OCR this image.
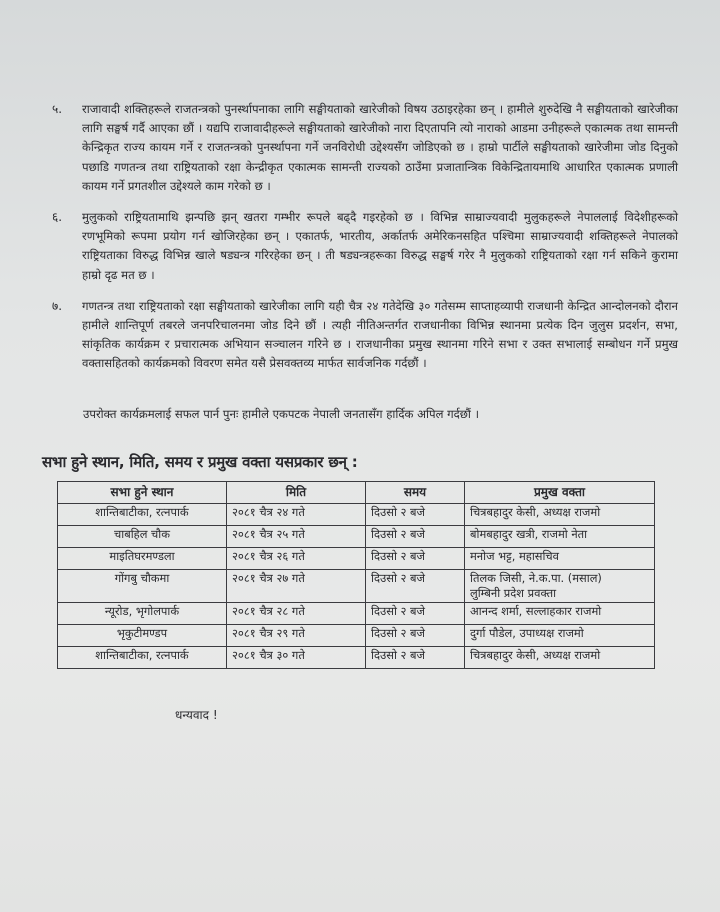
५.	राजावादी शक्तिहरूले राजतन्त्रको पुनर्स्थापनाका लागि सङ्घीयताको खारेजीको विषय उठाइरहेका छन् । हामीले शुरुदेखि नै सङ्घीयताको खारेजीका लागि सङ्घर्ष गर्दै आएका छौं । यद्यपि राजावादीहरूले सङ्घीयताको खारेजीको नारा दिएतापनि त्यो नाराको आडमा उनीहरूले एकात्मक तथा सामन्ती केन्द्रिकृत राज्य कायम गर्ने र राजतन्त्रको पुनर्स्थापना गर्ने जनविरोधी उद्देश्यसँग जोडिएको छ । हाम्रो पार्टीले सङ्घीयताको खारेजीमा जोड दिनुको पछाडि गणतन्त्र तथा राष्ट्रियताको रक्षा केन्द्रीकृत एकात्मक सामन्ती राज्यको ठाउँमा प्रजातान्त्रिक विकेन्द्रितायमाथि आधारित एकात्मक प्रणाली कायम गर्ने प्रगतशील उद्देश्यले काम गरेको छ ।
६.	मुलुकको राष्ट्रियतामाथि झन्पछि झन् खतरा गम्भीर रूपले बढ्दै गइरहेको छ । विभिन्न साम्राज्यवादी मुलुकहरूले नेपाललाई विदेशीहरूको रणभूमिको रूपमा प्रयोग गर्न खोजिरहेका छन् । एकातर्फ, भारतीय, अर्कातर्फ अमेरिकनसहित पश्चिमा साम्राज्यवादी शक्तिहरूले नेपालको राष्ट्रियताका विरुद्ध विभिन्न खाले षड्यन्त्र गरिरहेका छन् । ती षड्यन्त्रहरूका विरुद्ध सङ्घर्ष गरेर नै मुलुकको राष्ट्रियताको रक्षा गर्न सकिने कुरामा हाम्रो दृढ मत छ ।
७.	गणतन्त्र तथा राष्ट्रियताको रक्षा सङ्घीयताको खारेजीका लागि यही चैत्र २४ गतेदेखि ३० गतेसम्म साप्ताहव्यापी राजधानी केन्द्रित आन्दोलनको दौरान हामीले शान्तिपूर्ण तबरले जनपरिचालनमा जोड दिने छौं । त्यही नीतिअन्तर्गत राजधानीका विभिन्न स्थानमा प्रत्येक दिन जुलुस प्रदर्शन, सभा, सांकृतिक कार्यक्रम र प्रचारात्मक अभियान सञ्चालन गरिने छ । राजधानीका प्रमुख स्थानमा गरिने सभा र उक्त सभालाई सम्बोधन गर्ने प्रमुख वक्तासहितको कार्यक्रमको विवरण समेत यसै प्रेसवक्तव्य मार्फत सार्वजनिक गर्दछौं ।
उपरोक्त कार्यक्रमलाई सफल पार्न पुनः हामीले एकपटक नेपाली जनतासँग हार्दिक अपिल गर्दछौं ।
सभा हुने स्थान, मिति, समय र प्रमुख वक्ता यसप्रकार छन् :
सभा हुने स्थान	मिति	समय	प्रमुख वक्ता
शान्तिबाटीका, रत्नपार्क	२०८१ चैत्र २४ गते	दिउसो २ बजे	चित्रबहादुर केसी, अध्यक्ष राजमो
चाबहिल चौक	२०८१ चैत्र २५ गते	दिउसो २ बजे	बोमबहादुर खत्री, राजमो नेता
माइतिघरमण्डला	२०८१ चैत्र २६ गते	दिउसो २ बजे	मनोज भट्ट, महासचिव
गोंगबु चौकमा	२०८१ चैत्र २७ गते	दिउसो २ बजे	तिलक जिसी, ने.क.पा. (मसाल)
लुम्बिनी प्रदेश प्रवक्ता

न्यूरोड, भृगोलपार्क	२०८१ चैत्र २८ गते	दिउसो २ बजे	आनन्द शर्मा, सल्लाहकार राजमो
भृकुटीमण्डप	२०८१ चैत्र २९ गते	दिउसो २ बजे	दुर्गा पौडेल, उपाध्यक्ष राजमो
शान्तिबाटीका, रत्नपार्क	२०८१ चैत्र ३० गते	दिउसो २ बजे	चित्रबहादुर केसी, अध्यक्ष राजमो
धन्यवाद !
